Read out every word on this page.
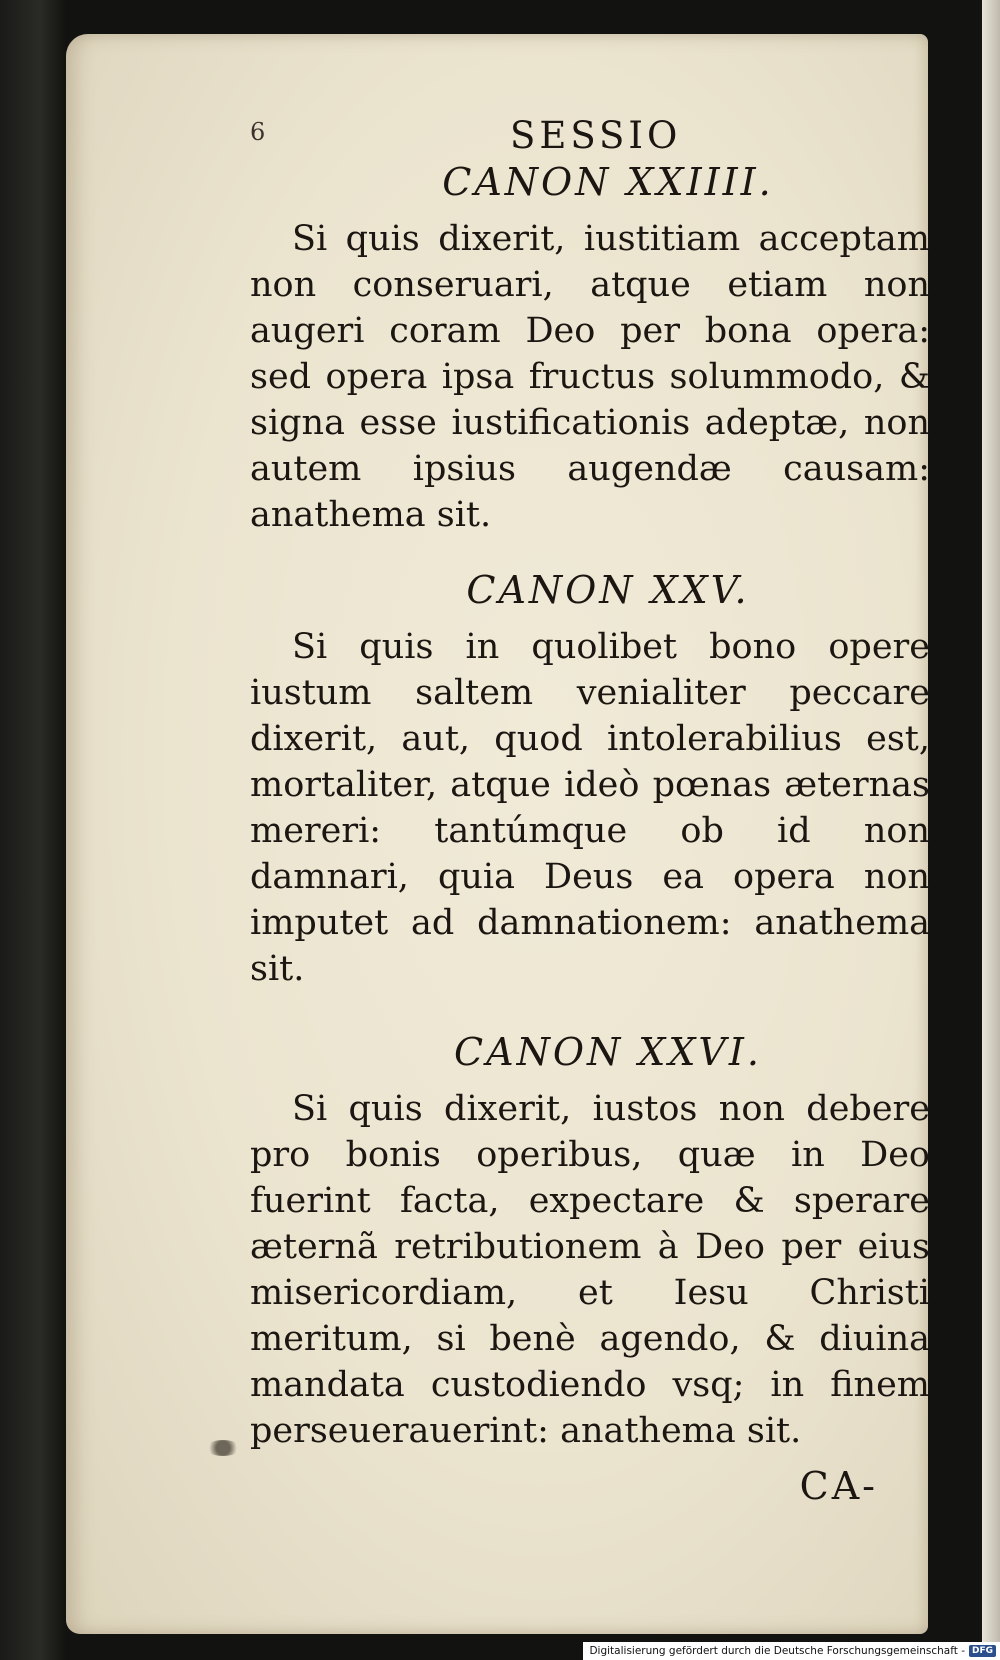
6	SESSIO
CANON XXIIII.

Si quis dixerit, iustitiam acceptam non conseruari, atque etiam non augeri coram Deo per bona opera: sed opera ipsa fructus solummodo, & signa esse iustificationis adeptæ, non autem ipsius augendæ causam: anathema sit.

CANON XXV.

Si quis in quolibet bono opere iustum saltem venialiter peccare dixerit, aut, quod intolerabilius est, mortaliter, atque ideò pœnas æternas mereri: tantúmque ob id non damnari, quia Deus ea opera non imputet ad damnationem: anathema sit.

CANON XXVI.

Si quis dixerit, iustos non debere pro bonis operibus, quæ in Deo fuerint facta, expectare & sperare æternã retributionem à Deo per eius misericordiam, et Iesu Christi meritum, si benè agendo, & diuina mandata custodiendo vsq; in finem perseuerauerint: anathema sit.

CA-
Digitalisierung gefördert durch die Deutsche Forschungsgemeinschaft - DFG
